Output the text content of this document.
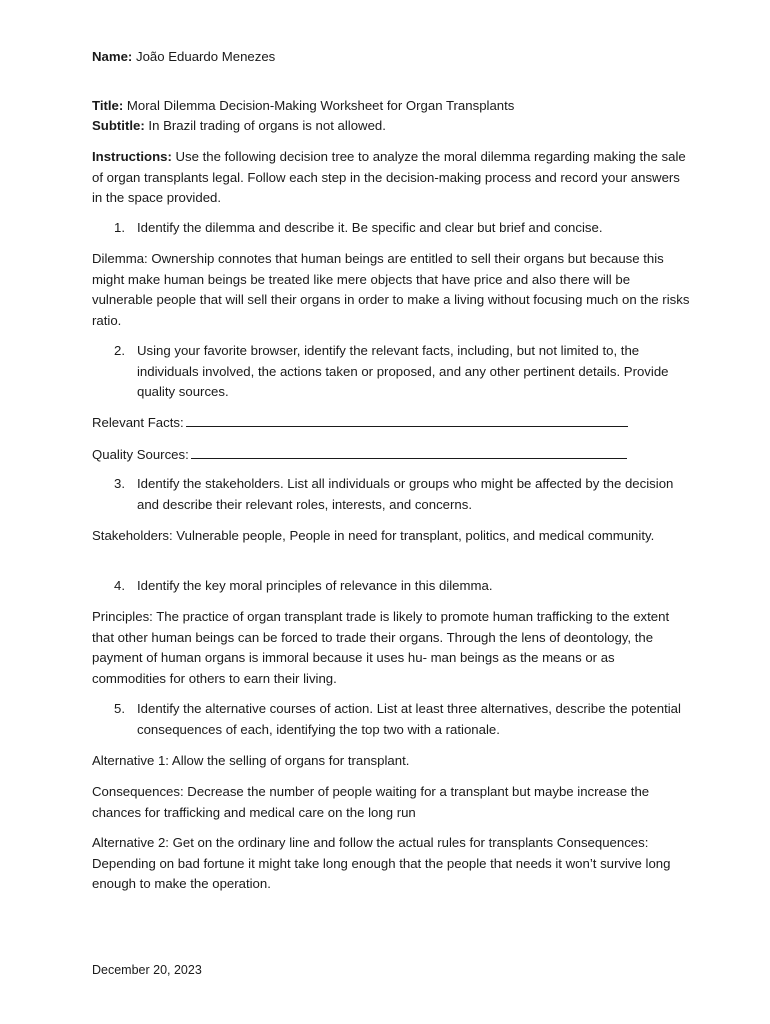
Name: João Eduardo Menezes

Title: Moral Dilemma Decision-Making Worksheet for Organ Transplants

Subtitle: In Brazil trading of organs is not allowed.

Instructions: Use the following decision tree to analyze the moral dilemma regarding making the sale of organ transplants legal. Follow each step in the decision-making process and record your answers in the space provided.

1. Identify the dilemma and describe it. Be specific and clear but brief and concise.

Dilemma: Ownership connotes that human beings are entitled to sell their organs but because this might make human beings be treated like mere objects that have price and also there will be vulnerable people that will sell their organs in order to make a living without focusing much on the risks ratio.

2. Using your favorite browser, identify the relevant facts, including, but not limited to, the individuals involved, the actions taken or proposed, and any other pertinent details. Provide quality sources.

Relevant Facts:

Quality Sources:

3. Identify the stakeholders. List all individuals or groups who might be affected by the decision and describe their relevant roles, interests, and concerns.

Stakeholders: Vulnerable people, People in need for transplant, politics, and medical community.

4. Identify the key moral principles of relevance in this dilemma.

Principles: The practice of organ transplant trade is likely to promote human trafficking to the extent that other human beings can be forced to trade their organs. Through the lens of deontology, the payment of human organs is immoral because it uses hu- man beings as the means or as commodities for others to earn their living.

5. Identify the alternative courses of action. List at least three alternatives, describe the potential consequences of each, identifying the top two with a rationale.

Alternative 1: Allow the selling of organs for transplant.

Consequences: Decrease the number of people waiting for a transplant but maybe increase the chances for trafficking and medical care on the long run

Alternative 2: Get on the ordinary line and follow the actual rules for transplants Consequences: Depending on bad fortune it might take long enough that the people that needs it won’t survive long enough to make the operation.

December 20, 2023
